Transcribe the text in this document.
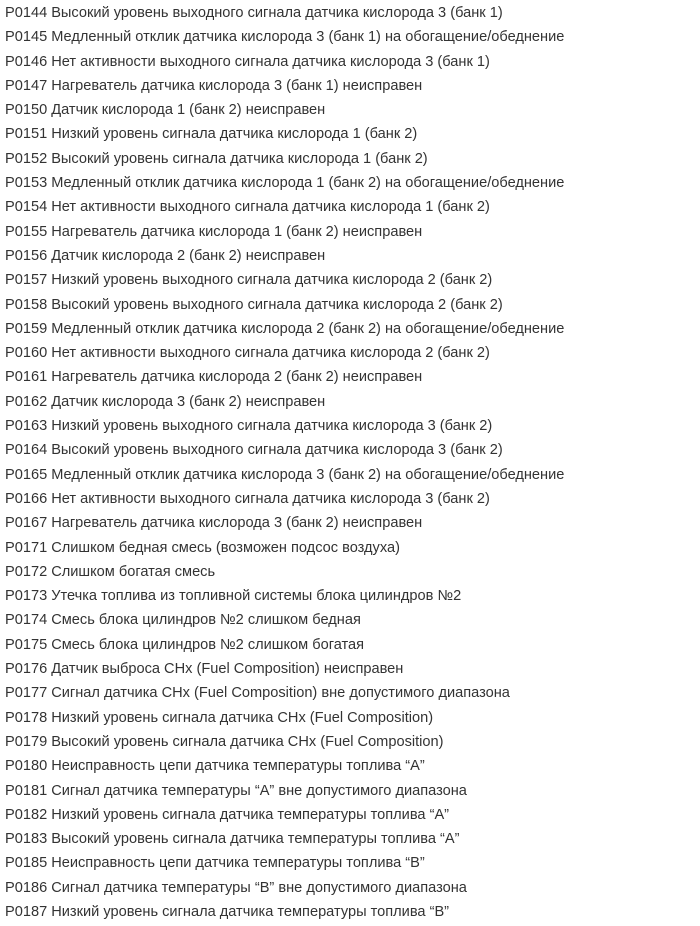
P0144 Высокий уровень выходного сигнала датчика кислорода 3 (банк 1)
P0145 Медленный отклик датчика кислорода 3 (банк 1) на обогащение/обеднение
P0146 Нет активности выходного сигнала датчика кислорода 3 (банк 1)
P0147 Нагреватель датчика кислорода 3 (банк 1) неисправен
P0150 Датчик кислорода 1 (банк 2) неисправен
P0151 Низкий уровень сигнала датчика кислорода 1 (банк 2)
P0152 Высокий уровень сигнала датчика кислорода 1 (банк 2)
P0153 Медленный отклик датчика кислорода 1 (банк 2) на обогащение/обеднение
P0154 Нет активности выходного сигнала датчика кислорода 1 (банк 2)
P0155 Нагреватель датчика кислорода 1 (банк 2) неисправен
P0156 Датчик кислорода 2 (банк 2) неисправен
P0157 Низкий уровень выходного сигнала датчика кислорода 2 (банк 2)
P0158 Высокий уровень выходного сигнала датчика кислорода 2 (банк 2)
P0159 Медленный отклик датчика кислорода 2 (банк 2) на обогащение/обеднение
P0160 Нет активности выходного сигнала датчика кислорода 2 (банк 2)
P0161 Нагреватель датчика кислорода 2 (банк 2) неисправен
P0162 Датчик кислорода 3 (банк 2) неисправен
P0163 Низкий уровень выходного сигнала датчика кислорода 3 (банк 2)
P0164 Высокий уровень выходного сигнала датчика кислорода 3 (банк 2)
P0165 Медленный отклик датчика кислорода 3 (банк 2) на обогащение/обеднение
P0166 Нет активности выходного сигнала датчика кислорода 3 (банк 2)
P0167 Нагреватель датчика кислорода 3 (банк 2) неисправен
P0171 Слишком бедная смесь (возможен подсос воздуха)
P0172 Слишком богатая смесь
P0173 Утечка топлива из топливной системы блока цилиндров №2
P0174 Смесь блока цилиндров №2 слишком бедная
P0175 Смесь блока цилиндров №2 слишком богатая
P0176 Датчик выброса CHx (Fuel Composition) неисправен
P0177 Сигнал датчика CHx (Fuel Composition) вне допустимого диапазона
P0178 Низкий уровень сигнала датчика CHx (Fuel Composition)
P0179 Высокий уровень сигнала датчика CHx (Fuel Composition)
P0180 Неисправность цепи датчика температуры топлива “A”
P0181 Сигнал датчика температуры “A” вне допустимого диапазона
P0182 Низкий уровень сигнала датчика температуры топлива “A”
P0183 Высокий уровень сигнала датчика температуры топлива “A”
P0185 Неисправность цепи датчика температуры топлива “B”
P0186 Сигнал датчика температуры “B” вне допустимого диапазона
P0187 Низкий уровень сигнала датчика температуры топлива “B”
